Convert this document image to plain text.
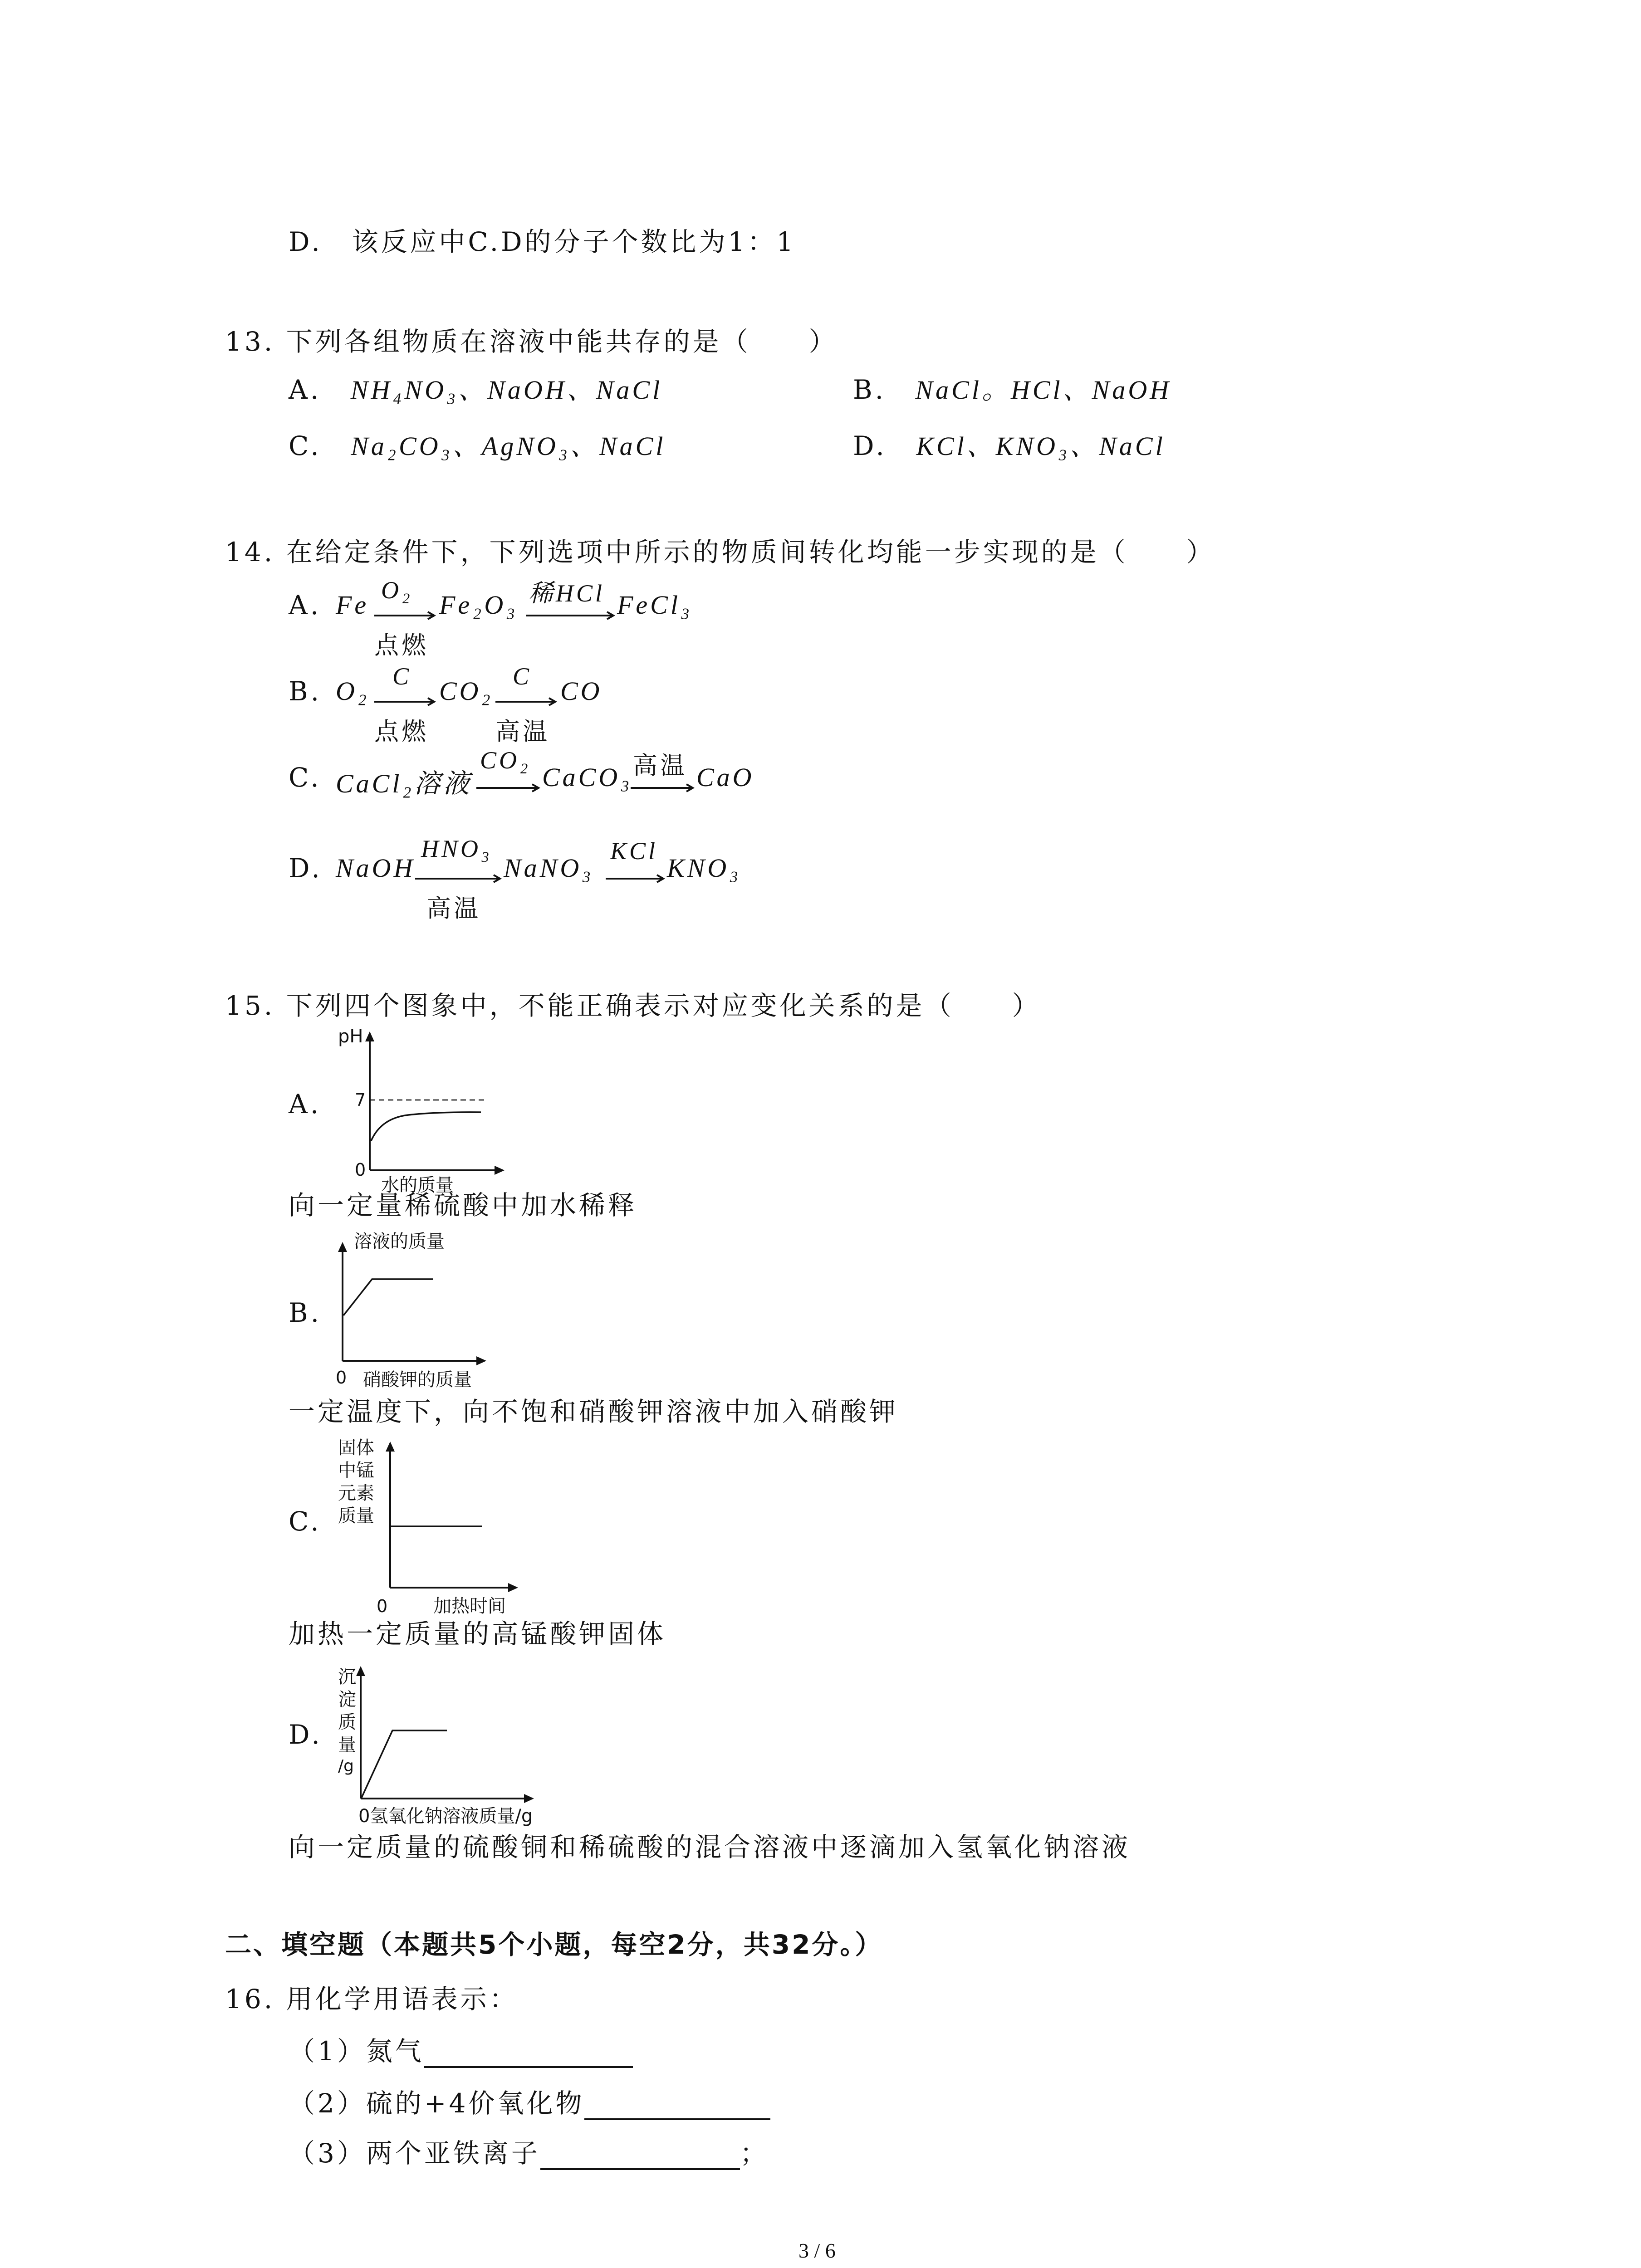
D. 该反应中C.D的分子个数比为1：1
13. 下列各组物质在溶液中能共存的是（　　）
A. NH₄NO₃、NaOH、NaCl	B. NaCl。HCl、NaOH
C. Na₂CO₃、AgNO₃、NaCl	D. KCl、KNO₃、NaCl
14. 在给定条件下，下列选项中所示的物质间转化均能一步实现的是（　　）
A. Fe O₂
点燃
Fe₂O₃ 稀HCl FeCl₃
B. O₂ C
点燃
CO₂ C
高温
CO
C. CaCl₂溶液
CO₂
CaCO₃ 高温 CaO
D. NaOH
HNO₃
高温
NaNO₃
KCl
KNO₃
15. 下列四个图象中，不能正确表示对应变化关系的是（　　）
A.
pH
7
0
水的质量
向一定量稀硫酸中加水稀释
B.
溶液的质量
0 硝酸钾的质量
一定温度下，向不饱和硝酸钾溶液中加入硝酸钾
C.
固体
中锰
元素
质量
0	加热时间
加热一定质量的高锰酸钾固体
D.
沉
淀
质
量
/g
0氢氧化钠溶液质量/g
向一定质量的硫酸铜和稀硫酸的混合溶液中逐滴加入氢氧化钠溶液
二、填空题（本题共5个小题，每空2分，共32分。）
16. 用化学用语表示：
（1）氮气
（2）硫的+4价氧化物
（3）两个亚铁离子	；
3 / 6
